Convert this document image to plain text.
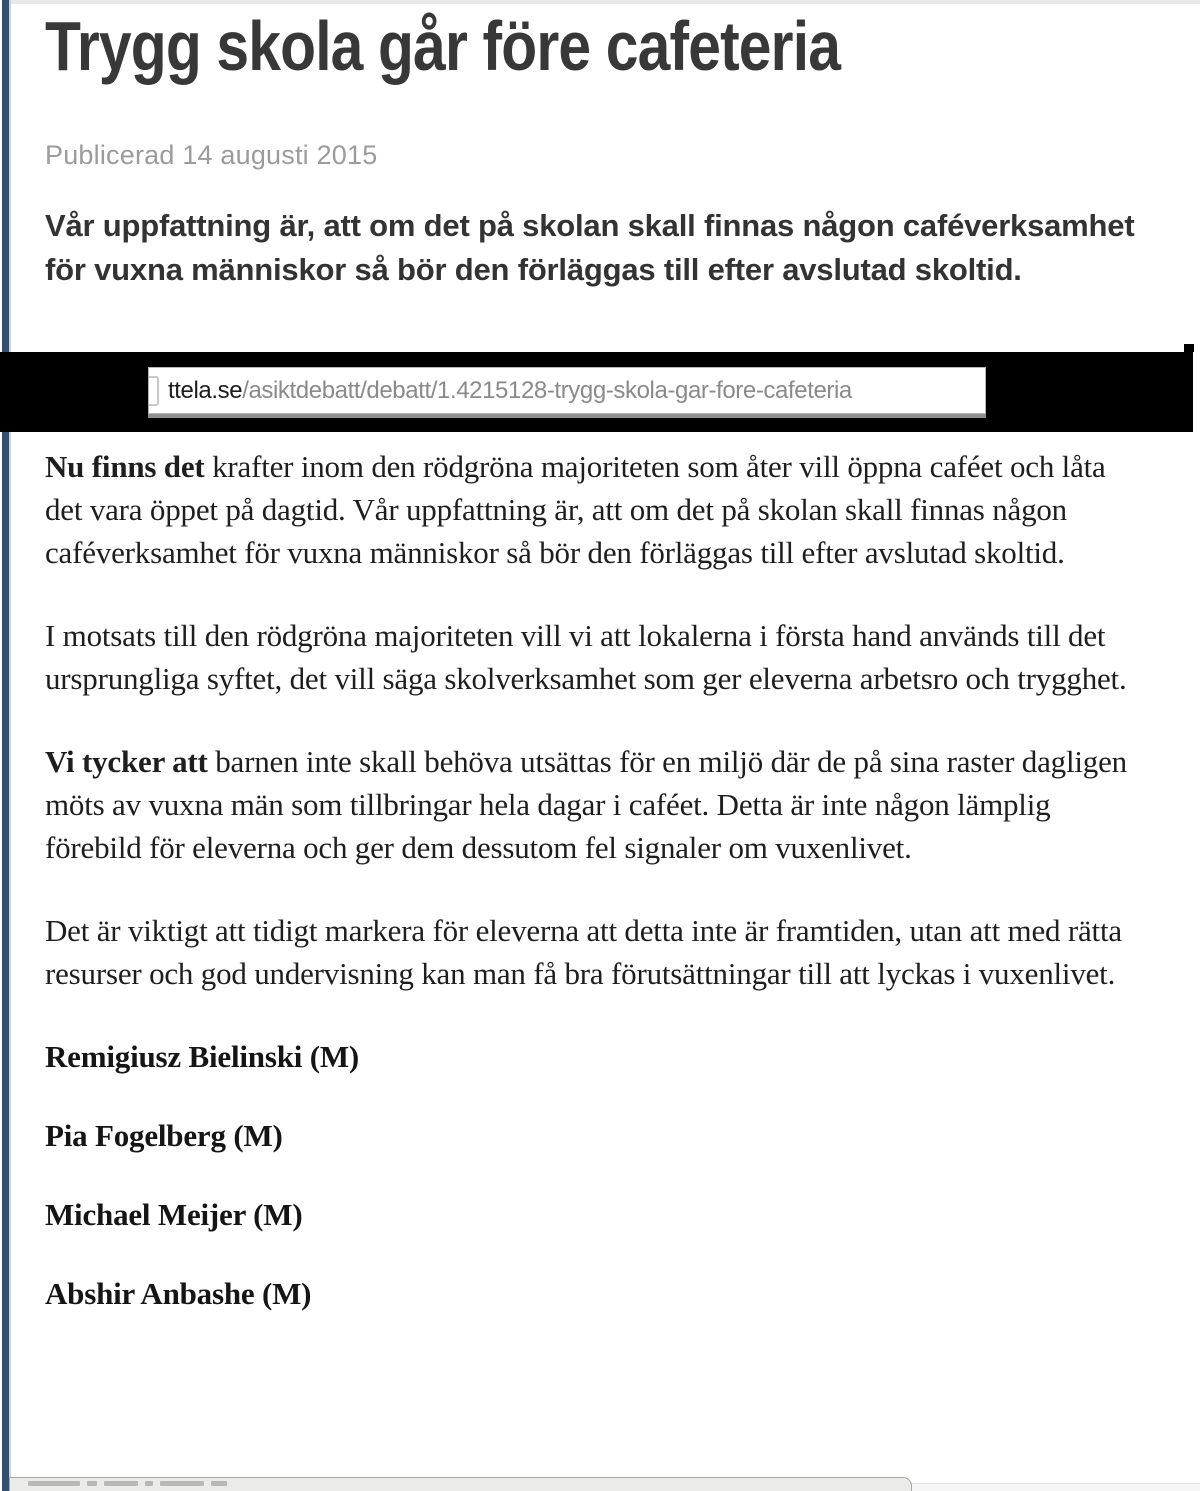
Trygg skola går före cafeteria
Publicerad 14 augusti 2015
Vår uppfattning är, att om det på skolan skall finnas någon caféverksamhet för vuxna människor så bör den förläggas till efter avslutad skoltid.
ttela.se/asiktdebatt/debatt/1.4215128-trygg-skola-gar-fore-cafeteria

Nu finns det krafter inom den rödgröna majoriteten som åter vill öppna caféet och låta det vara öppet på dagtid. Vår uppfattning är, att om det på skolan skall finnas någon caféverksamhet för vuxna människor så bör den förläggas till efter avslutad skoltid.

I motsats till den rödgröna majoriteten vill vi att lokalerna i första hand används till det ursprungliga syftet, det vill säga skolverksamhet som ger eleverna arbetsro och trygghet.

Vi tycker att barnen inte skall behöva utsättas för en miljö där de på sina raster dagligen möts av vuxna män som tillbringar hela dagar i caféet. Detta är inte någon lämplig förebild för eleverna och ger dem dessutom fel signaler om vuxenlivet.

Det är viktigt att tidigt markera för eleverna att detta inte är framtiden, utan att med rätta resurser och god undervisning kan man få bra förutsättningar till att lyckas i vuxenlivet.

Remigiusz Bielinski (M)

Pia Fogelberg (M)

Michael Meijer (M)

Abshir Anbashe (M)
